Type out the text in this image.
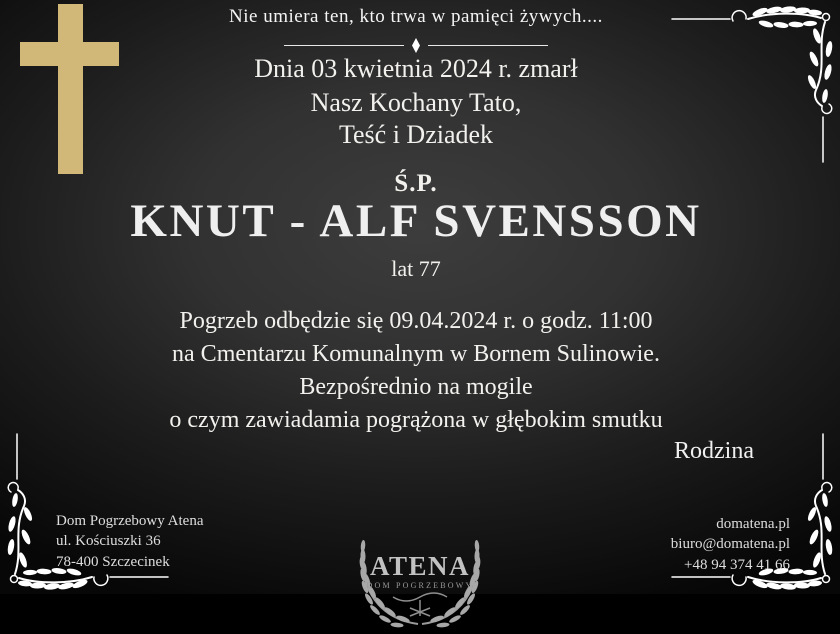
Nie umiera ten, kto trwa w pamięci żywych....
Dnia 03 kwietnia 2024 r. zmarł
Nasz Kochany Tato,
Teść i Dziadek
Ś.P.
KNUT - ALF SVENSSON
lat 77
Pogrzeb odbędzie się 09.04.2024 r. o godz. 11:00
na Cmentarzu Komunalnym w Bornem Sulinowie.
Bezpośrednio na mogile
o czym zawiadamia pogrążona w głębokim smutku
Rodzina
Dom Pogrzebowy Atena
ul. Kościuszki 36
78-400 Szczecinek	ATENA
DOM POGRZEBOWY
domatena.pl
biuro@domatena.pl
+48 94 374 41 66
